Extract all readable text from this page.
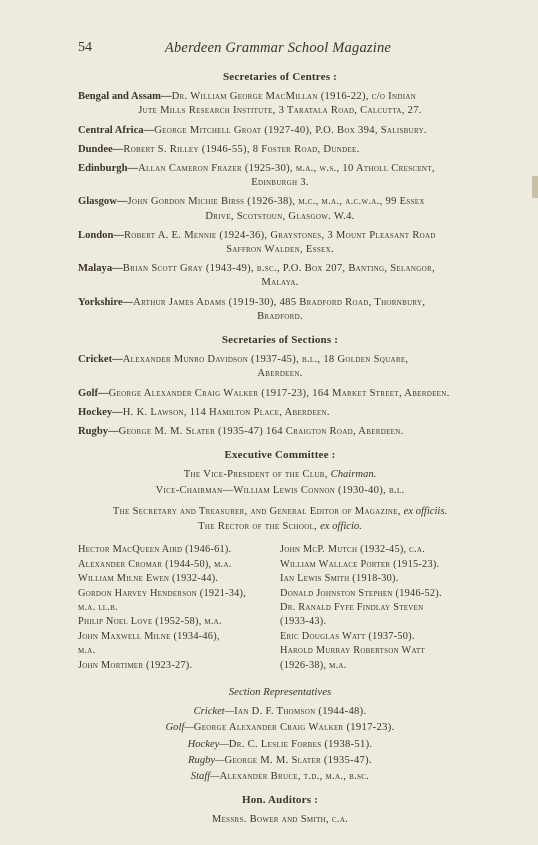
54	Aberdeen Grammar School Magazine
Secretaries of Centres :

Bengal and Assam—Dr. William George MacMillan (1916-22), c/o Indian
Jute Mills Research Institute, 3 Taratala Road, Calcutta, 27.

Central Africa—George Mitchell Groat (1927-40), P.O. Box 394, Salisbury.

Dundee—Robert S. Rilley (1946-55), 8 Foster Road, Dundee.

Edinburgh—Allan Cameron Frazer (1925-30), m.a., w.s., 10 Atholl Crescent,
Edinburgh 3.

Glasgow—John Gordon Michie Birss (1926-38), m.c., m.a., a.c.w.a., 99 Essex
Drive, Scotstoun, Glasgow. W.4.

London—Robert A. E. Mennie (1924-36), Graystones, 3 Mount Pleasant Road
Saffron Walden, Essex.

Malaya—Brian Scott Gray (1943-49), b.sc., P.O. Box 207, Banting, Selangor,
Malaya.

Yorkshire—Arthur James Adams (1919-30), 485 Bradford Road, Thornbury,
Bradford.

Secretaries of Sections :

Cricket—Alexander Munro Davidson (1937-45), b.l., 18 Golden Square,
Aberdeen.

Golf—George Alexander Craig Walker (1917-23), 164 Market Street, Aberdeen.

Hockey—H. K. Lawson, 114 Hamilton Place, Aberdeen.

Rugby—George M. M. Slater (1935-47) 164 Craigton Road, Aberdeen.

Executive Committee :

The Vice-President of the Club, Chairman.

Vice-Chairman—William Lewis Connon (1930-40), b.l.

The Secretary and Treasurer, and General Editor of Magazine, ex officiis.

The Rector of the School, ex officio.

Hector MacQueen Aird (1946-61).
Alexander Cromar (1944-50), m.a.
William Milne Ewen (1932-44).
Gordon Harvey Henderson (1921-34),
m.a. ll.b.
Philip Noel Love (1952-58), m.a.
John Maxwell Milne (1934-46),
m.a.
John Mortimer (1923-27).
John McP. Mutch (1932-45), c.a.
William Wallace Porter (1915-23).
Ian Lewis Smith (1918-30).
Donald Johnston Stephen (1946-52).
Dr. Ranald Fyfe Findlay Steven
(1933-43).
Eric Douglas Watt (1937-50).
Harold Murray Robertson Watt
(1926-38), m.a.
Section Representatives

Cricket—Ian D. F. Thomson (1944-48).

Golf—George Alexander Craig Walker (1917-23).

Hockey—Dr. C. Leslie Forbes (1938-51).

Rugby—George M. M. Slater (1935-47).

Staff—Alexander Bruce, t.d., m.a., b.sc.

Hon. Auditors :

Messrs. Bower and Smith, c.a.
